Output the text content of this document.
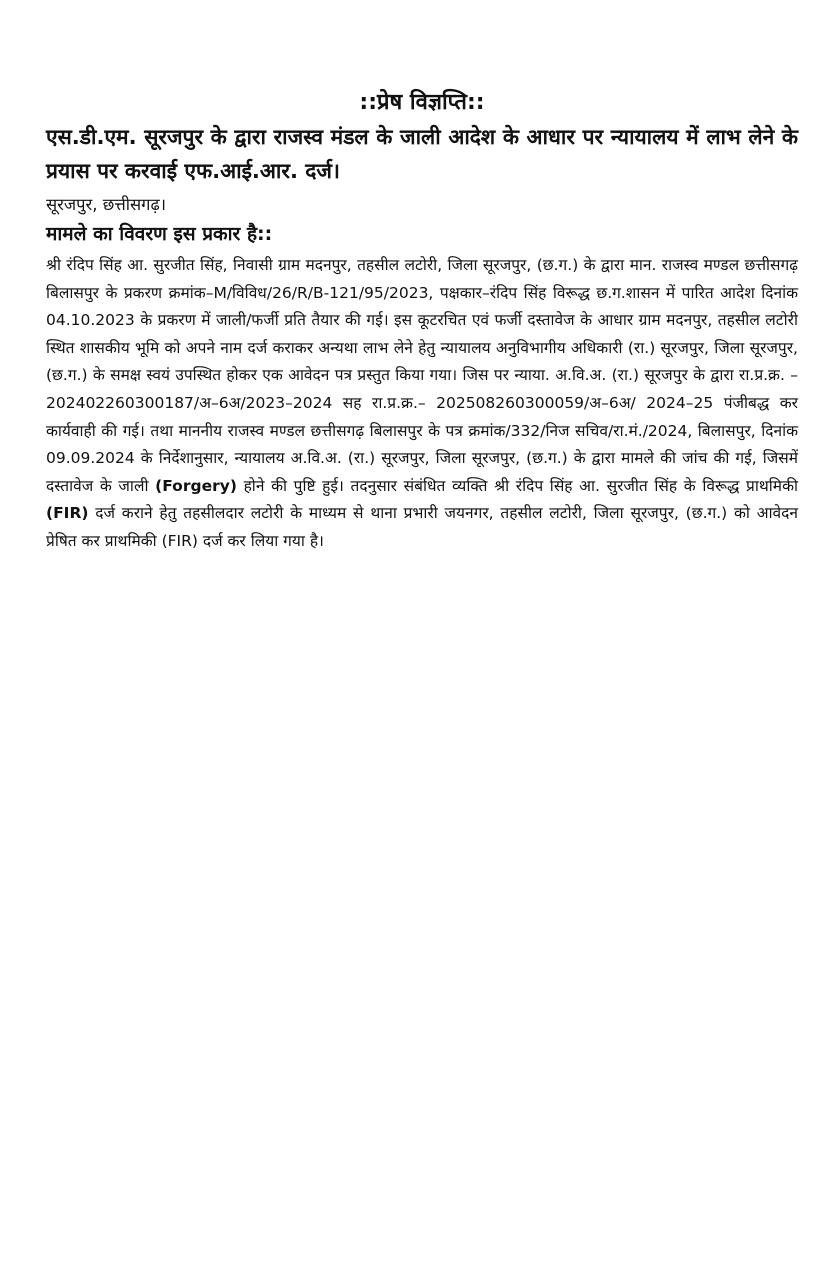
::प्रेष विज्ञप्ति::

एस.डी.एम. सूरजपुर के द्वारा राजस्व मंडल के जाली आदेश के आधार पर न्यायालय में लाभ लेने के प्रयास पर करवाई एफ.आई.आर. दर्ज।

सूरजपुर, छत्तीसगढ़।

मामले का विवरण इस प्रकार है::

श्री रंदिप सिंह आ. सुरजीत सिंह, निवासी ग्राम मदनपुर, तहसील लटोरी, जिला सूरजपुर, (छ.ग.) के द्वारा मान. राजस्व मण्डल छत्तीसगढ़ बिलासपुर के प्रकरण क्रमांक–M/विविध/26/R/B-121/95/2023, पक्षकार–रंदिप सिंह विरूद्ध छ.ग.शासन में पारित आदेश दिनांक 04.10.2023 के प्रकरण में जाली/फर्जी प्रति तैयार की गई। इस कूटरचित एवं फर्जी दस्तावेज के आधार ग्राम मदनपुर, तहसील लटोरी स्थित शासकीय भूमि को अपने नाम दर्ज कराकर अन्यथा लाभ लेने हेतु न्यायालय अनुविभागीय अधिकारी (रा.) सूरजपुर, जिला सूरजपुर, (छ.ग.) के समक्ष स्वयं उपस्थित होकर एक आवेदन पत्र प्रस्तुत किया गया। जिस पर न्याया. अ.वि.अ. (रा.) सूरजपुर के द्वारा रा.प्र.क्र. –202402260300187/अ–6अ/2023–2024 सह रा.प्र.क्र.– 202508260300059/अ–6अ/ 2024–25 पंजीबद्ध कर कार्यवाही की गई। तथा माननीय राजस्व मण्डल छत्तीसगढ़ बिलासपुर के पत्र क्रमांक/332/निज सचिव/रा.मं./2024, बिलासपुर, दिनांक 09.09.2024 के निर्देशानुसार, न्यायालय अ.वि.अ. (रा.) सूरजपुर, जिला सूरजपुर, (छ.ग.) के द्वारा मामले की जांच की गई, जिसमें दस्तावेज के जाली (Forgery) होने की पुष्टि हुई। तदनुसार संबंधित व्यक्ति श्री रंदिप सिंह आ. सुरजीत सिंह के विरूद्ध प्राथमिकी (FIR) दर्ज कराने हेतु तहसीलदार लटोरी के माध्यम से थाना प्रभारी जयनगर, तहसील लटोरी, जिला सूरजपुर, (छ.ग.) को आवेदन प्रेषित कर प्राथमिकी (FIR) दर्ज कर लिया गया है।
